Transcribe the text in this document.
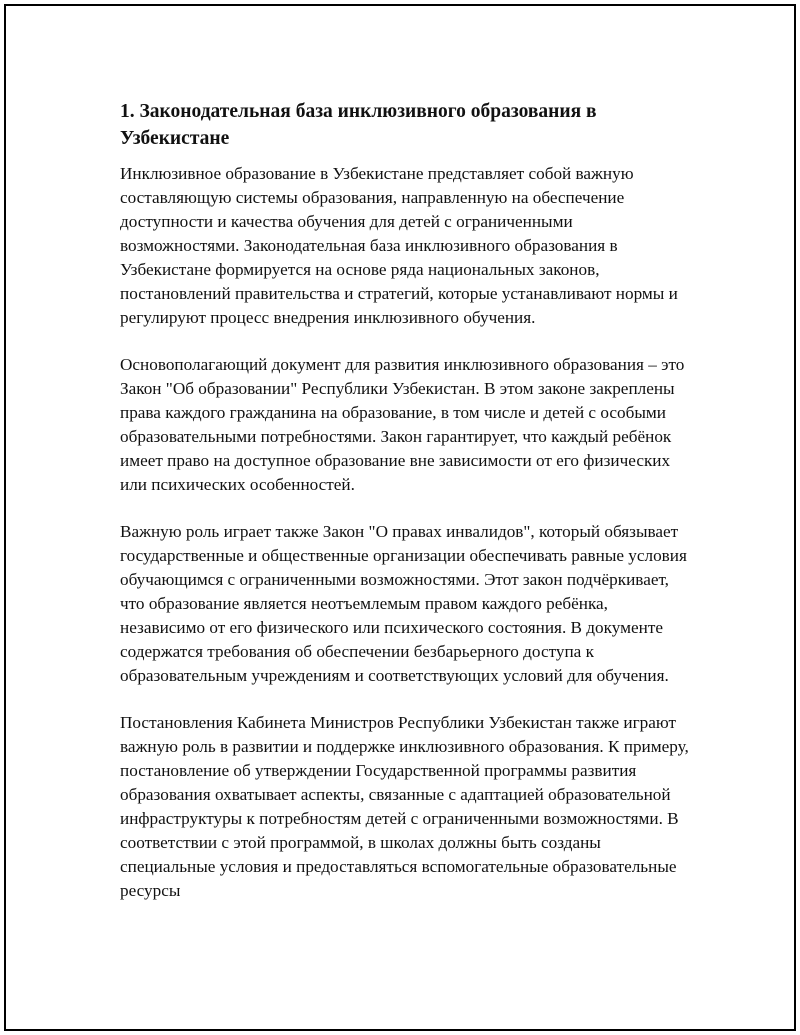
1. Законодательная база инклюзивного образования в Узбекистане

Инклюзивное образование в Узбекистане представляет собой важную составляющую системы образования, направленную на обеспечение доступности и качества обучения для детей с ограниченными возможностями. Законодательная база инклюзивного образования в Узбекистане формируется на основе ряда национальных законов, постановлений правительства и стратегий, которые устанавливают нормы и регулируют процесс внедрения инклюзивного обучения.

Основополагающий документ для развития инклюзивного образования – это Закон "Об образовании" Республики Узбекистан. В этом законе закреплены права каждого гражданина на образование, в том числе и детей с особыми образовательными потребностями. Закон гарантирует, что каждый ребёнок имеет право на доступное образование вне зависимости от его физических или психических особенностей.

Важную роль играет также Закон "О правах инвалидов", который обязывает государственные и общественные организации обеспечивать равные условия обучающимся с ограниченными возможностями. Этот закон подчёркивает, что образование является неотъемлемым правом каждого ребёнка, независимо от его физического или психического состояния. В документе содержатся требования об обеспечении безбарьерного доступа к образовательным учреждениям и соответствующих условий для обучения.

Постановления Кабинета Министров Республики Узбекистан также играют важную роль в развитии и поддержке инклюзивного образования. К примеру, постановление об утверждении Государственной программы развития образования охватывает аспекты, связанные с адаптацией образовательной инфраструктуры к потребностям детей с ограниченными возможностями. В соответствии с этой программой, в школах должны быть созданы специальные условия и предоставляться вспомогательные образовательные ресурсы
